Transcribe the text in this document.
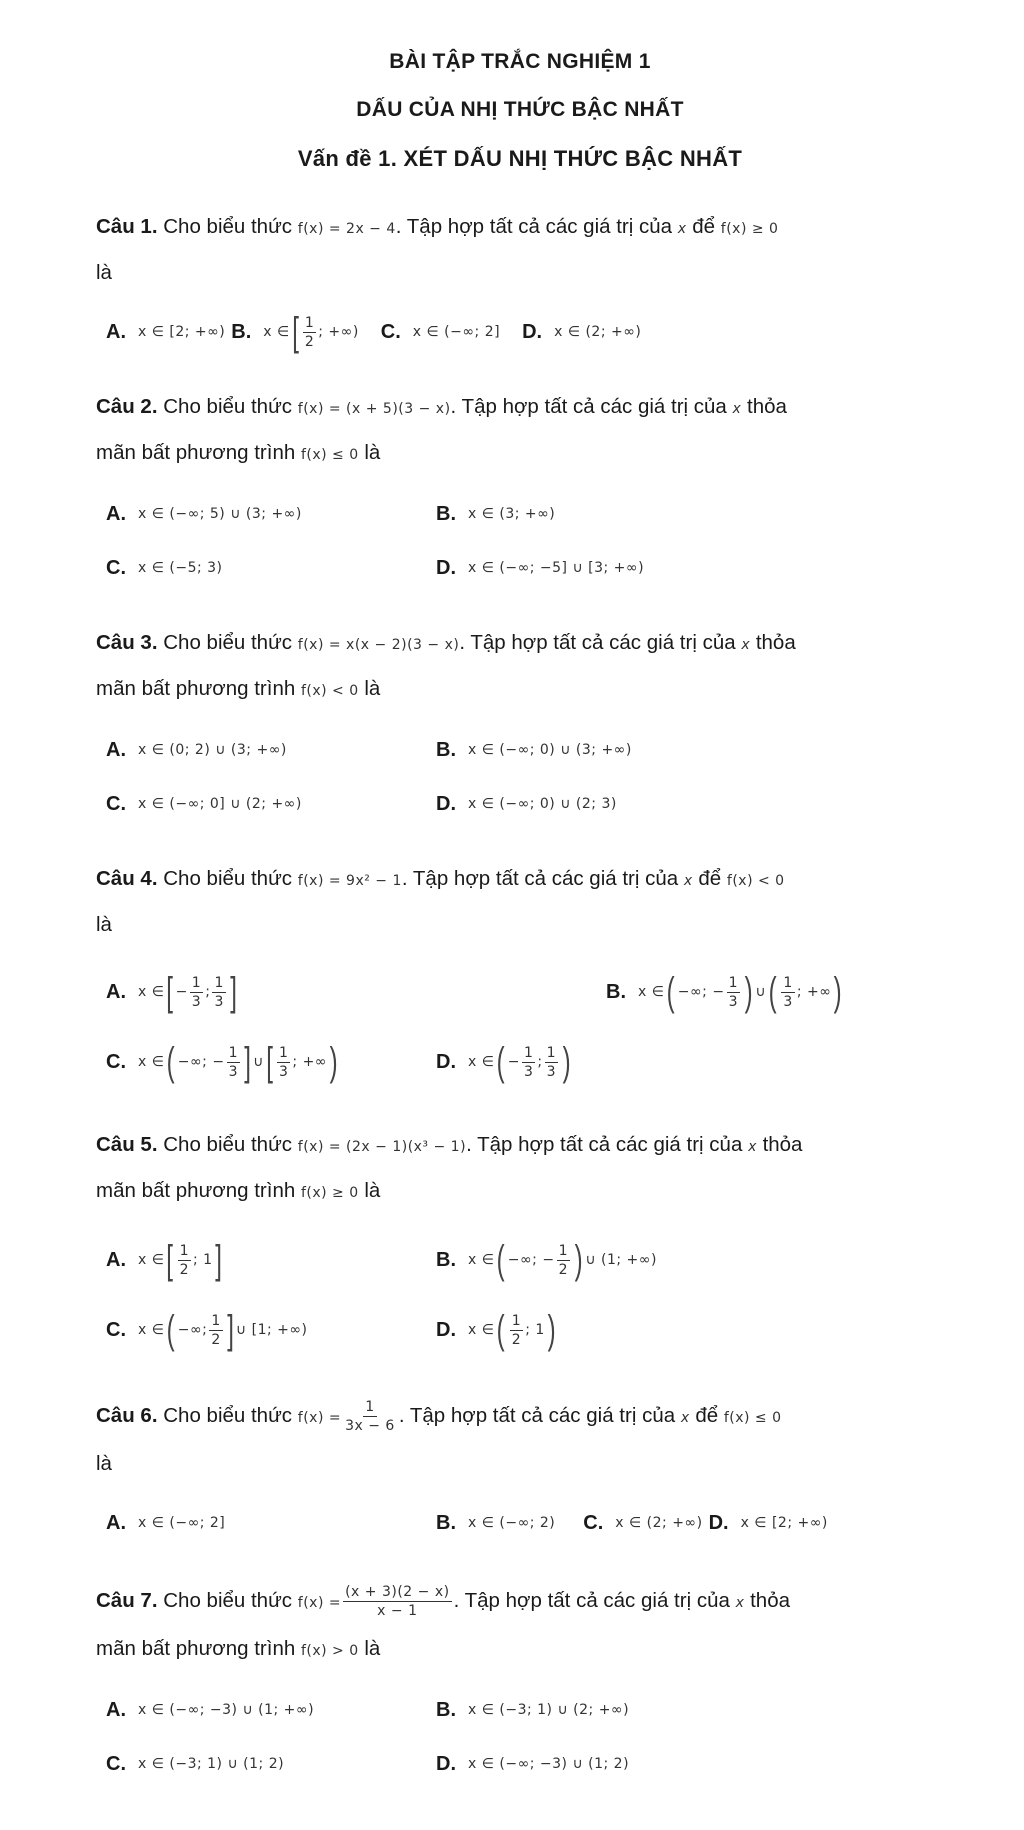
BÀI TẬP TRẮC NGHIỆM 1
DẤU CỦA NHỊ THỨC BẬC NHẤT
Vấn đề 1. XÉT DẤU NHỊ THỨC BẬC NHẤT
Câu 1. Cho biểu thức f(x) = 2x − 4. Tập hợp tất cả các giá trị của x để f(x) ≥ 0
là
A. x ∈ [2; +∞) B. x ∈ [ $\frac{1}{2}$ ; +∞) C. x ∈ (−∞; 2] D. x ∈ (2; +∞)
Câu 2. Cho biểu thức f(x) = (x + 5)(3 − x). Tập hợp tất cả các giá trị của x thỏa
mãn bất phương trình f(x) ≤ 0 là
A. x ∈ (−∞; 5) ∪ (3; +∞)	B. x ∈ (3; +∞)
C. x ∈ (−5; 3)	D. x ∈ (−∞; −5] ∪ [3; +∞)
Câu 3. Cho biểu thức f(x) = x(x − 2)(3 − x). Tập hợp tất cả các giá trị của x thỏa
mãn bất phương trình f(x) < 0 là
A. x ∈ (0; 2) ∪ (3; +∞)	B. x ∈ (−∞; 0) ∪ (3; +∞)
C. x ∈ (−∞; 0] ∪ (2; +∞)	D. x ∈ (−∞; 0) ∪ (2; 3)
Câu 4. Cho biểu thức f(x) = 9x² − 1. Tập hợp tất cả các giá trị của x để f(x) < 0
là
A. x ∈ [ − $\frac{1}{3}$ ; $\frac{1}{3}$ ]	B. x ∈ ( −∞; − $\frac{1}{3}$ ) ∪ ( $\frac{1}{3}$ ; +∞ )
C. x ∈ ( −∞; − $\frac{1}{3}$ ] ∪ [ $\frac{1}{3}$ ; +∞ )	D. x ∈ ( − $\frac{1}{3}$ ; $\frac{1}{3}$ )
Câu 5. Cho biểu thức f(x) = (2x − 1)(x³ − 1). Tập hợp tất cả các giá trị của x thỏa
mãn bất phương trình f(x) ≥ 0 là
A. x ∈ [ $\frac{1}{2}$ ; 1 ]	B. x ∈ ( −∞; − $\frac{1}{2}$ ) ∪ (1; +∞)
C. x ∈ ( −∞; $\frac{1}{2}$ ] ∪ [1; +∞)	D. x ∈ ( $\frac{1}{2}$ ; 1 )
Câu 6. Cho biểu thức $f(x) = \frac{1}{3x - 6}$ . Tập hợp tất cả các giá trị của x để f(x) ≤ 0
là
A. x ∈ (−∞; 2]	B. x ∈ (−∞; 2) C. x ∈ (2; +∞) D. x ∈ [2; +∞)
Câu 7. Cho biểu thức $f(x) = \frac{(x + 3)(2 - x)}{x - 1}$ . Tập hợp tất cả các giá trị của x thỏa
mãn bất phương trình f(x) > 0 là
A. x ∈ (−∞; −3) ∪ (1; +∞)	B. x ∈ (−3; 1) ∪ (2; +∞)
C. x ∈ (−3; 1) ∪ (1; 2)	D. x ∈ (−∞; −3) ∪ (1; 2)
